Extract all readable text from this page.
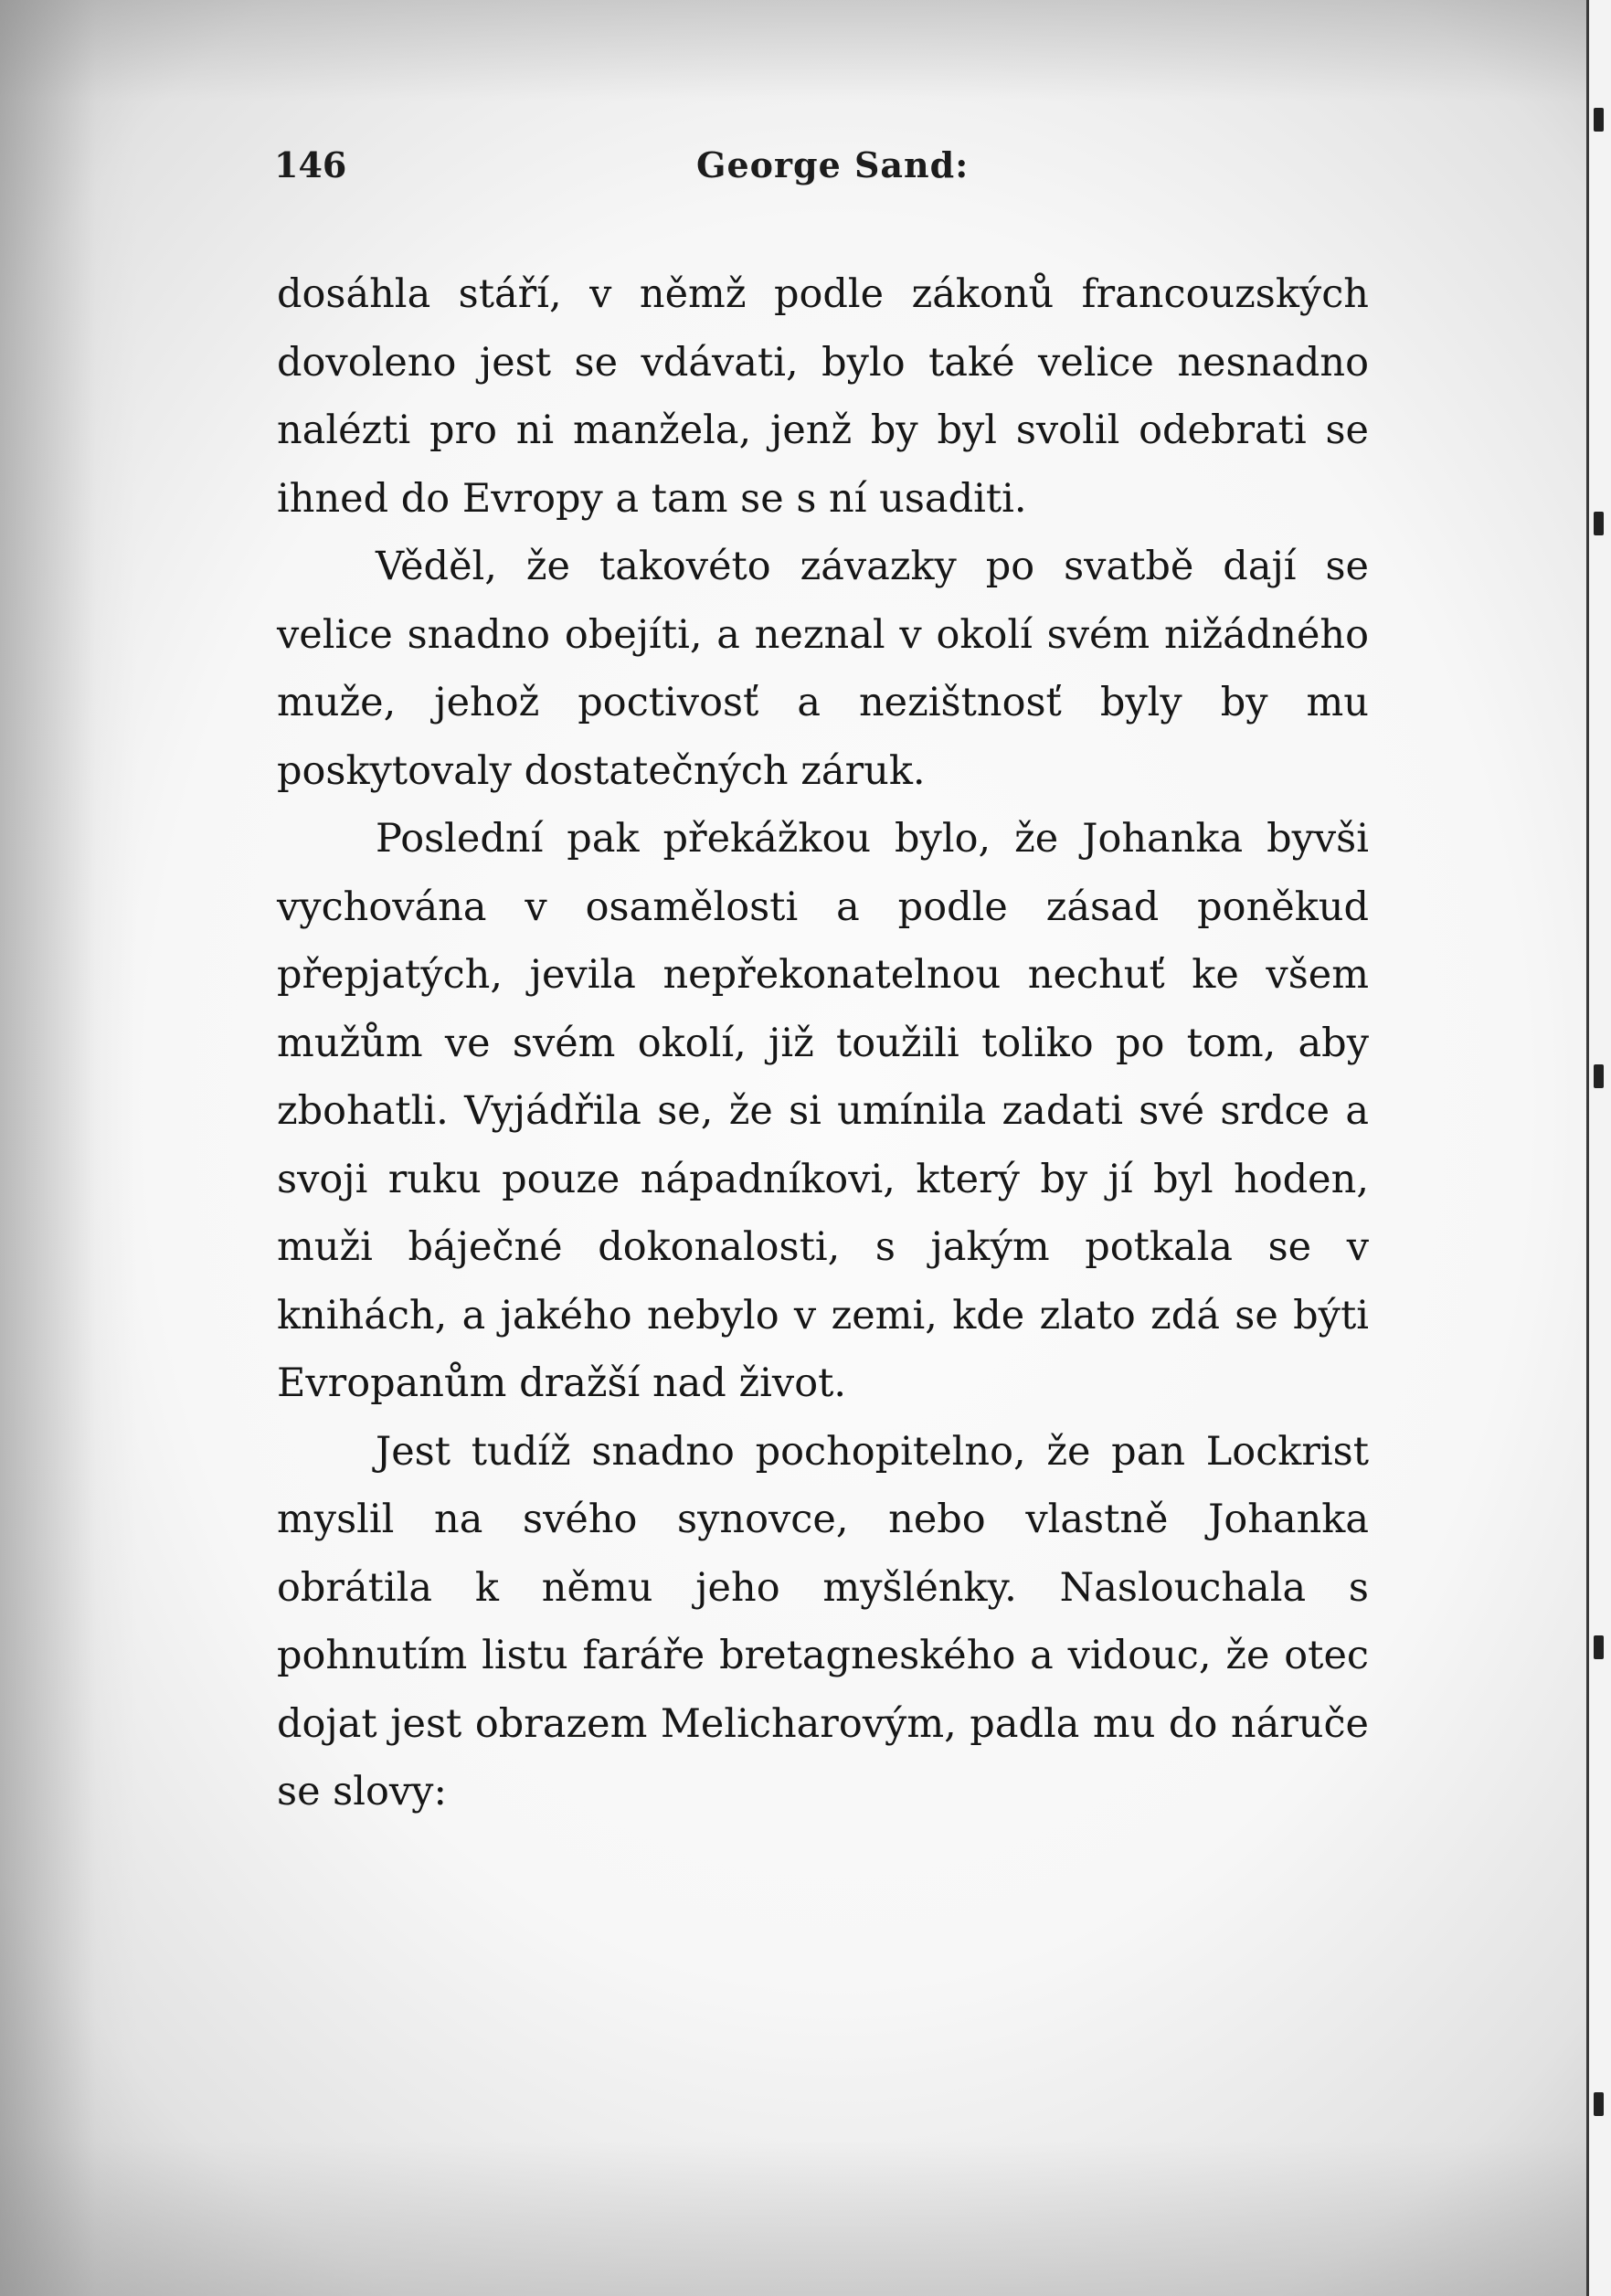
146	George Sand:

dosáhla stáří, v němž podle zákonů francouzských dovoleno jest se vdávati, bylo také velice nesnadno nalézti pro ni manžela, jenž by byl svolil odebrati se ihned do Evropy a tam se s ní usaditi.

Věděl, že takovéto závazky po svatbě dají se velice snadno obejíti, a neznal v okolí svém nižádného muže, jehož poctivosť a nezištnosť byly by mu poskytovaly dostatečných záruk.

Poslední pak překážkou bylo, že Johanka byvši vychována v osamělosti a podle zásad poněkud přepjatých, jevila nepřekonatelnou nechuť ke všem mužům ve svém okolí, již toužili toliko po tom, aby zbohatli. Vyjádřila se, že si umínila zadati své srdce a svoji ruku pouze nápadníkovi, který by jí byl hoden, muži báječné dokonalosti, s jakým potkala se v knihách, a jakého nebylo v zemi, kde zlato zdá se býti Evropanům dražší nad život.

Jest tudíž snadno pochopitelno, že pan Lockrist myslil na svého synovce, nebo vlastně Johanka obrátila k němu jeho myšlénky. Naslouchala s pohnutím listu faráře bretagneského a vidouc, že otec dojat jest obrazem Melicharovým, padla mu do náruče se slovy:
